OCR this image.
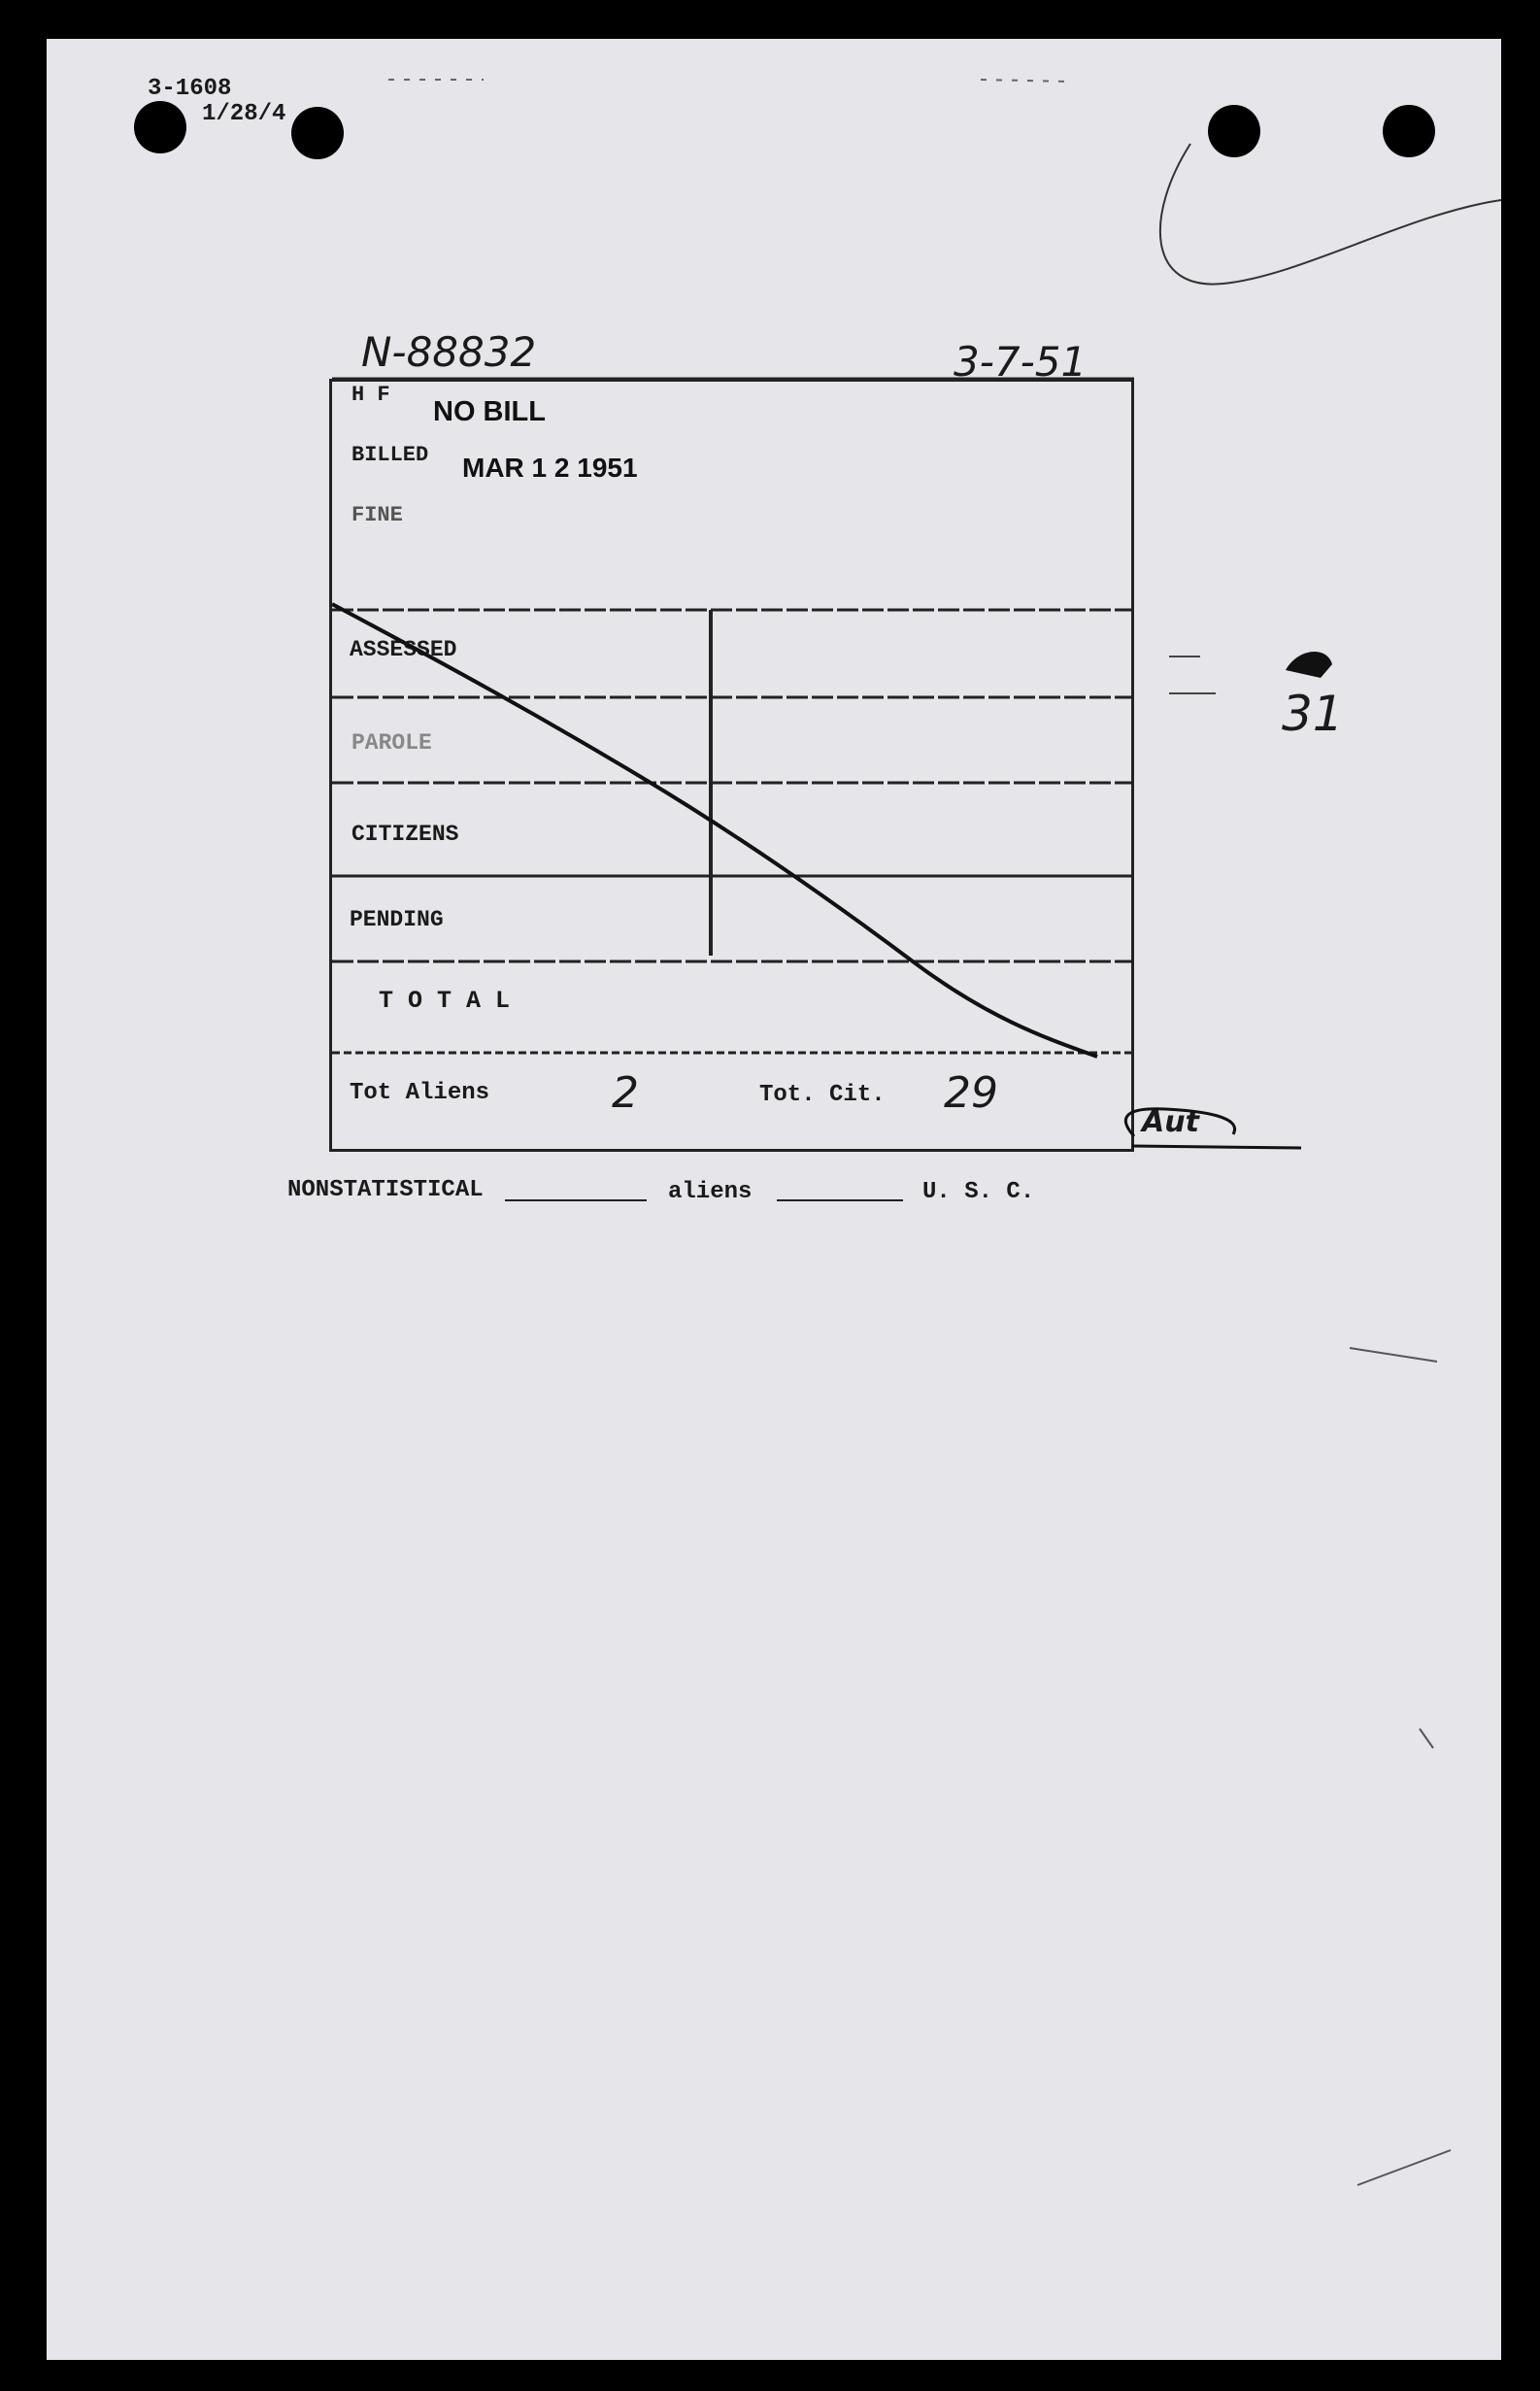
3-1608
1/28/4
N-88832	3-7-51
H F
NO BILL
BILLED MAR 1 2 1951
FINE
ASSESSED
PAROLE
CITIZENS
PENDING
T O T A L
Tot Aliens	2	Tot. Cit. 29
NONSTATISTICAL	aliens	U. S. C.
31
Aut
